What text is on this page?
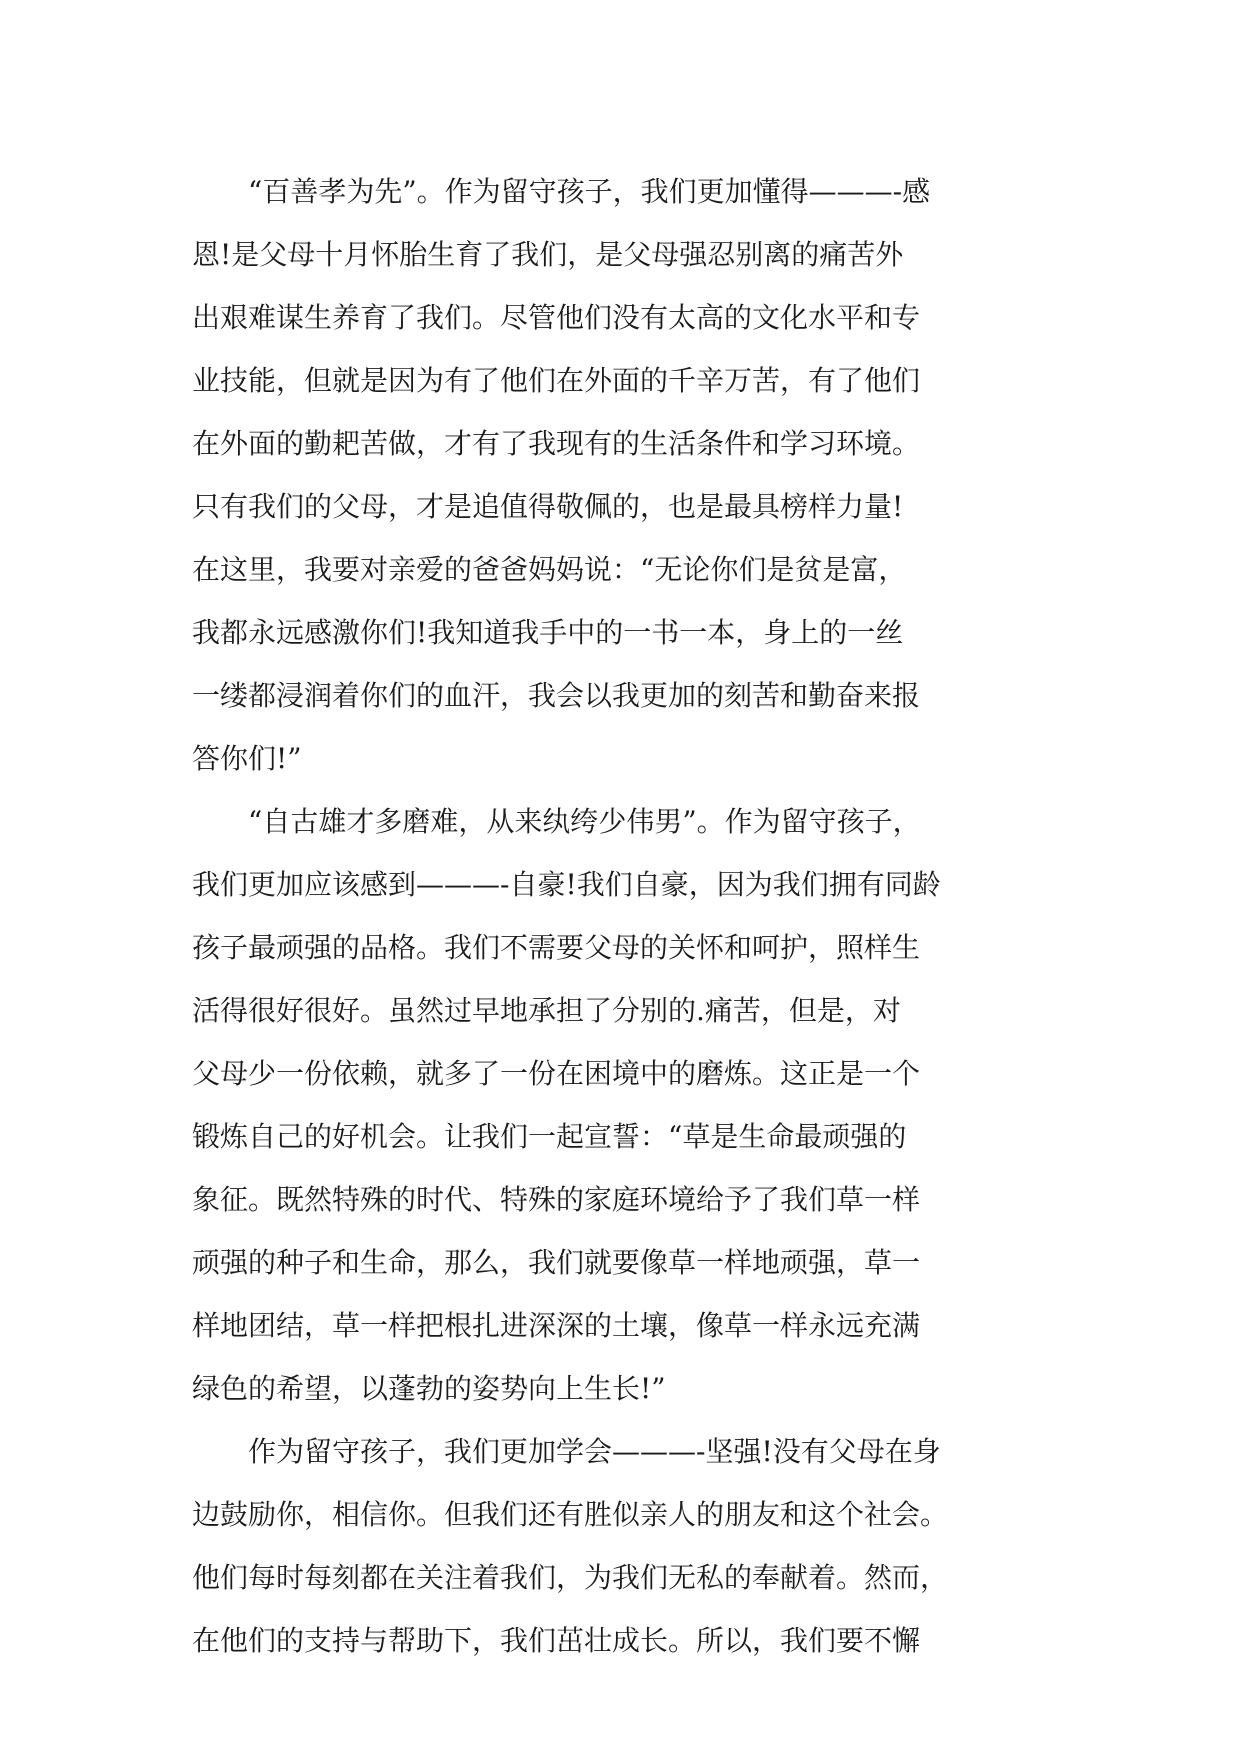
　　“百善孝为先”。作为留守孩子，我们更加懂得———-感
恩!是父母十月怀胎生育了我们，是父母强忍别离的痛苦外
出艰难谋生养育了我们。尽管他们没有太高的文化水平和专
业技能，但就是因为有了他们在外面的千辛万苦，有了他们
在外面的勤耙苦做，才有了我现有的生活条件和学习环境。
只有我们的父母，才是追值得敬佩的，也是最具榜样力量!
在这里，我要对亲爱的爸爸妈妈说：“无论你们是贫是富，
我都永远感激你们!我知道我手中的一书一本，身上的一丝
一缕都浸润着你们的血汗，我会以我更加的刻苦和勤奋来报
答你们!”
　　“自古雄才多磨难，从来纨绔少伟男”。作为留守孩子，
我们更加应该感到———-自豪!我们自豪，因为我们拥有同龄
孩子最顽强的品格。我们不需要父母的关怀和呵护，照样生
活得很好很好。虽然过早地承担了分别的.痛苦，但是，对
父母少一份依赖，就多了一份在困境中的磨炼。这正是一个
锻炼自己的好机会。让我们一起宣誓：“草是生命最顽强的
象征。既然特殊的时代、特殊的家庭环境给予了我们草一样
顽强的种子和生命，那么，我们就要像草一样地顽强，草一
样地团结，草一样把根扎进深深的土壤，像草一样永远充满
绿色的希望，以蓬勃的姿势向上生长!”
　　作为留守孩子，我们更加学会———-坚强!没有父母在身
边鼓励你，相信你。但我们还有胜似亲人的朋友和这个社会。
他们每时每刻都在关注着我们，为我们无私的奉献着。然而，
在他们的支持与帮助下，我们茁壮成长。所以，我们要不懈
